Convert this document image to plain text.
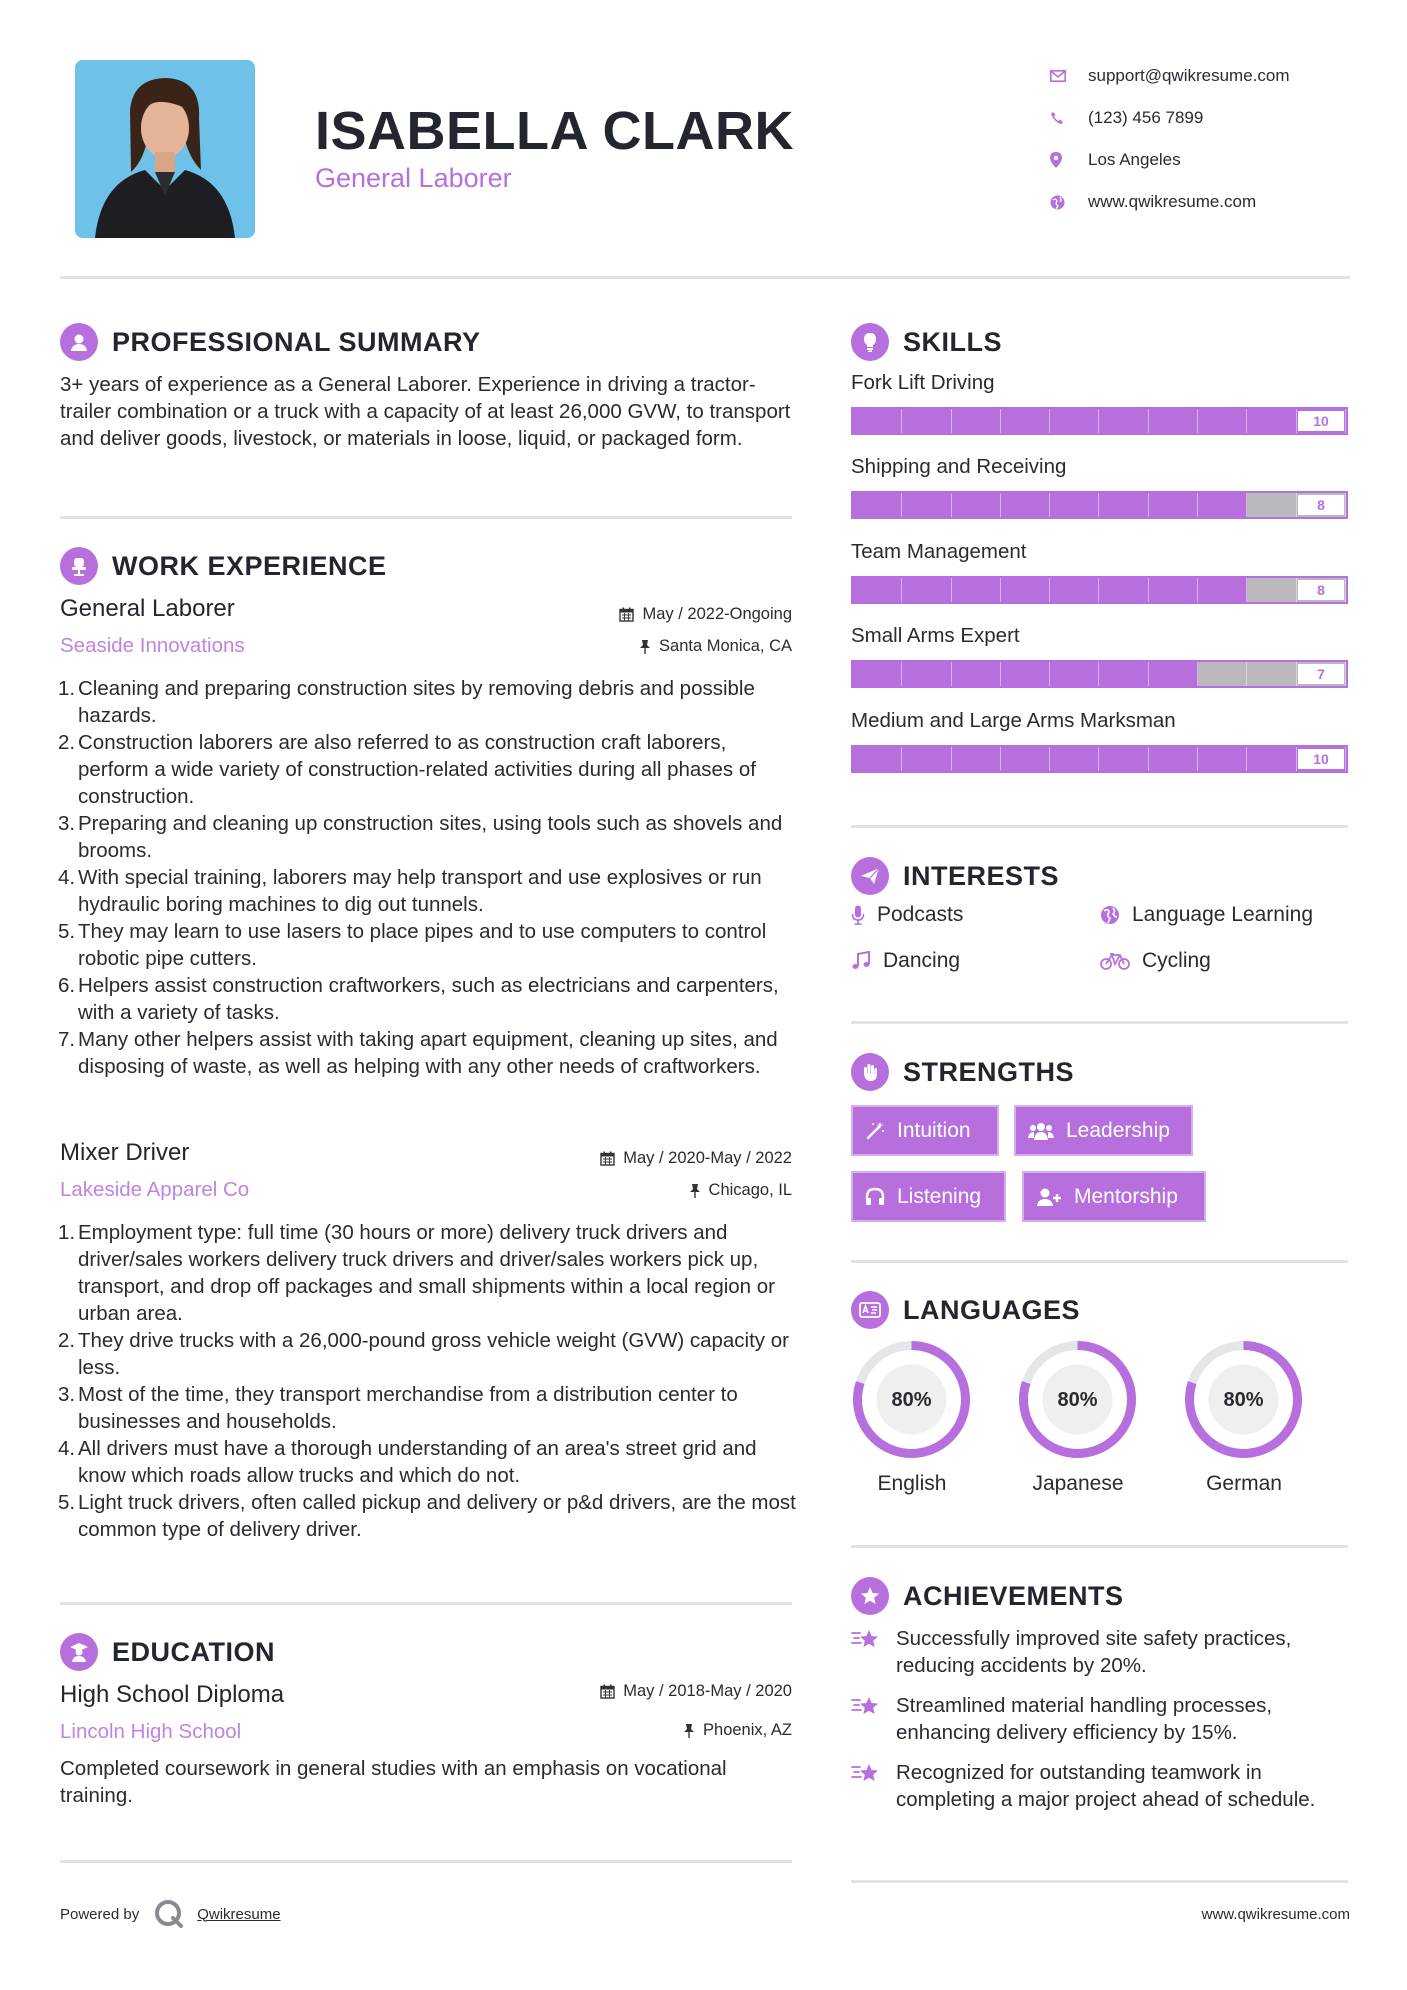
ISABELLA CLARK
General Laborer
support@qwikresume.com
(123) 456 7899
Los Angeles
www.qwikresume.com
PROFESSIONAL SUMMARY
3+ years of experience as a General Laborer. Experience in driving a tractor-trailer combination or a truck with a capacity of at least 26,000 GVW, to transport and deliver goods, livestock, or materials in loose, liquid, or packaged form.
WORK EXPERIENCE
General Laborer
Seaside Innovations
May / 2022-Ongoing
Santa Monica, CA
1. Cleaning and preparing construction sites by removing debris and possible hazards.
2. Construction laborers are also referred to as construction craft laborers, perform a wide variety of construction-related activities during all phases of construction.
3. Preparing and cleaning up construction sites, using tools such as shovels and brooms.
4. With special training, laborers may help transport and use explosives or run hydraulic boring machines to dig out tunnels.
5. They may learn to use lasers to place pipes and to use computers to control robotic pipe cutters.
6. Helpers assist construction craftworkers, such as electricians and carpenters, with a variety of tasks.
7. Many other helpers assist with taking apart equipment, cleaning up sites, and disposing of waste, as well as helping with any other needs of craftworkers.
Mixer Driver
Lakeside Apparel Co
May / 2020-May / 2022
Chicago, IL
1. Employment type: full time (30 hours or more) delivery truck drivers and driver/sales workers delivery truck drivers and driver/sales workers pick up, transport, and drop off packages and small shipments within a local region or urban area.
2. They drive trucks with a 26,000-pound gross vehicle weight (GVW) capacity or less.
3. Most of the time, they transport merchandise from a distribution center to businesses and households.
4. All drivers must have a thorough understanding of an area's street grid and know which roads allow trucks and which do not.
5. Light truck drivers, often called pickup and delivery or p&d drivers, are the most common type of delivery driver.
EDUCATION
High School Diploma
Lincoln High School
May / 2018-May / 2020
Phoenix, AZ
Completed coursework in general studies with an emphasis on vocational training.
SKILLS
Fork Lift Driving
10
Shipping and Receiving
8
Team Management
8
Small Arms Expert
7
Medium and Large Arms Marksman
10
INTERESTS
Podcasts	Language Learning
Dancing	Cycling
STRENGTHS
Intuition	Leadership
Listening	Mentorship
LANGUAGES
80%
English
80%
Japanese
80%
German
ACHIEVEMENTS
Successfully improved site safety practices, reducing accidents by 20%.
Streamlined material handling processes, enhancing delivery efficiency by 15%.
Recognized for outstanding teamwork in completing a major project ahead of schedule.
Powered by	Qwikresume	www.qwikresume.com
